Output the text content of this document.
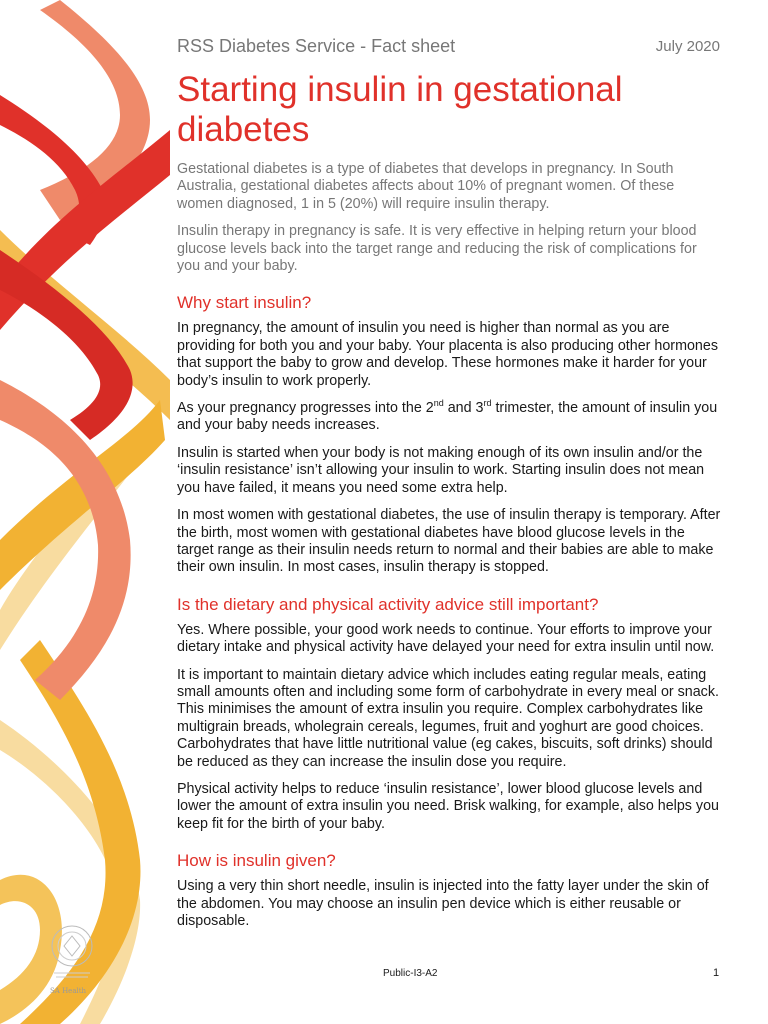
RSS Diabetes Service - Fact sheet	July 2020
Starting insulin in gestational diabetes

Gestational diabetes is a type of diabetes that develops in pregnancy. In South Australia, gestational diabetes affects about 10% of pregnant women. Of these women diagnosed, 1 in 5 (20%) will require insulin therapy.

Insulin therapy in pregnancy is safe. It is very effective in helping return your blood glucose levels back into the target range and reducing the risk of complications for you and your baby.

Why start insulin?

In pregnancy, the amount of insulin you need is higher than normal as you are providing for both you and your baby. Your placenta is also producing other hormones that support the baby to grow and develop. These hormones make it harder for your body’s insulin to work properly.

As your pregnancy progresses into the 2nd and 3rd trimester, the amount of insulin you and your baby needs increases.

Insulin is started when your body is not making enough of its own insulin and/or the ‘insulin resistance’ isn’t allowing your insulin to work. Starting insulin does not mean you have failed, it means you need some extra help.

In most women with gestational diabetes, the use of insulin therapy is temporary. After the birth, most women with gestational diabetes have blood glucose levels in the target range as their insulin needs return to normal and their babies are able to make their own insulin. In most cases, insulin therapy is stopped.

Is the dietary and physical activity advice still important?

Yes. Where possible, your good work needs to continue. Your efforts to improve your dietary intake and physical activity have delayed your need for extra insulin until now.

It is important to maintain dietary advice which includes eating regular meals, eating small amounts often and including some form of carbohydrate in every meal or snack. This minimises the amount of extra insulin you require. Complex carbohydrates like multigrain breads, wholegrain cereals, legumes, fruit and yoghurt are good choices. Carbohydrates that have little nutritional value (eg cakes, biscuits, soft drinks) should be reduced as they can increase the insulin dose you require.

Physical activity helps to reduce ‘insulin resistance’, lower blood glucose levels and lower the amount of extra insulin you need. Brisk walking, for example, also helps you keep fit for the birth of your baby.

How is insulin given?

Using a very thin short needle, insulin is injected into the fatty layer under the skin of the abdomen. You may choose an insulin pen device which is either reusable or disposable.

SA Health
Public-I3-A2	1
